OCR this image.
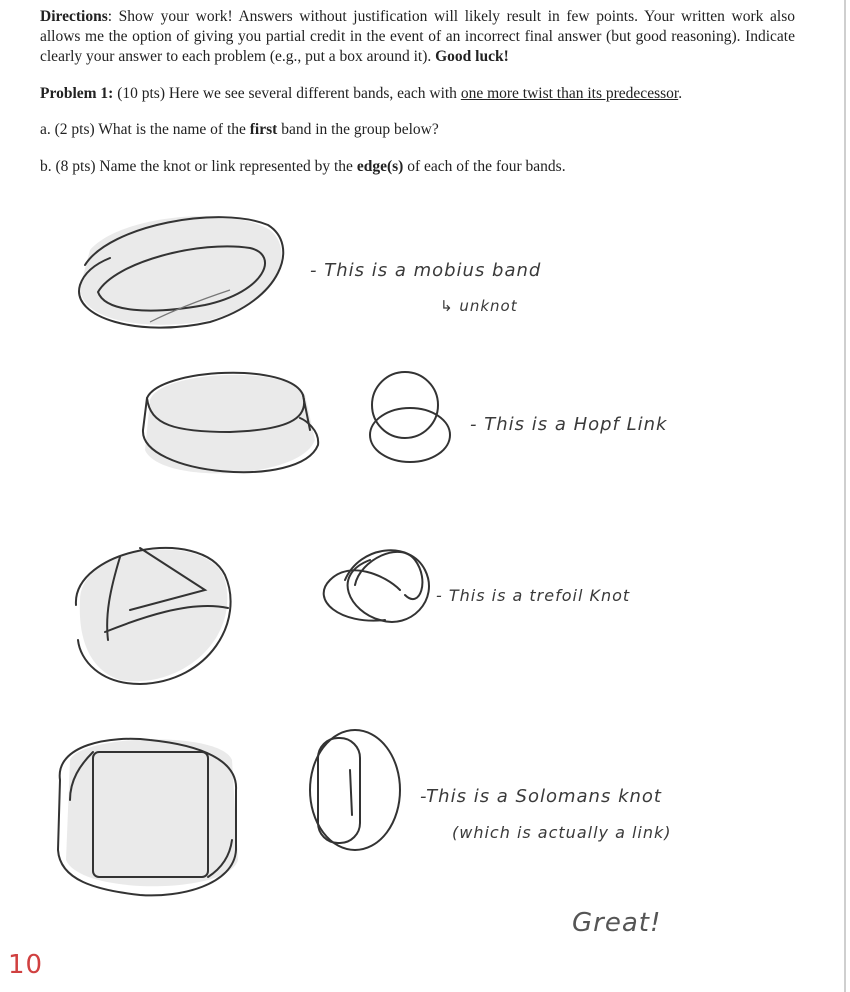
Directions: Show your work! Answers without justification will likely result in few points. Your written work also allows me the option of giving you partial credit in the event of an incorrect final answer (but good reasoning). Indicate clearly your answer to each problem (e.g., put a box around it). Good luck!
Problem 1: (10 pts) Here we see several different bands, each with one more twist than its predecessor.
a. (2 pts) What is the name of the first band in the group below?
b. (8 pts) Name the knot or link represented by the edge(s) of each of the four bands.
- This is a mobius band
↳ unknot
- This is a Hopf Link
- This is a trefoil Knot
-This is a Solomans knot
(which is actually a link)
Great!
10
